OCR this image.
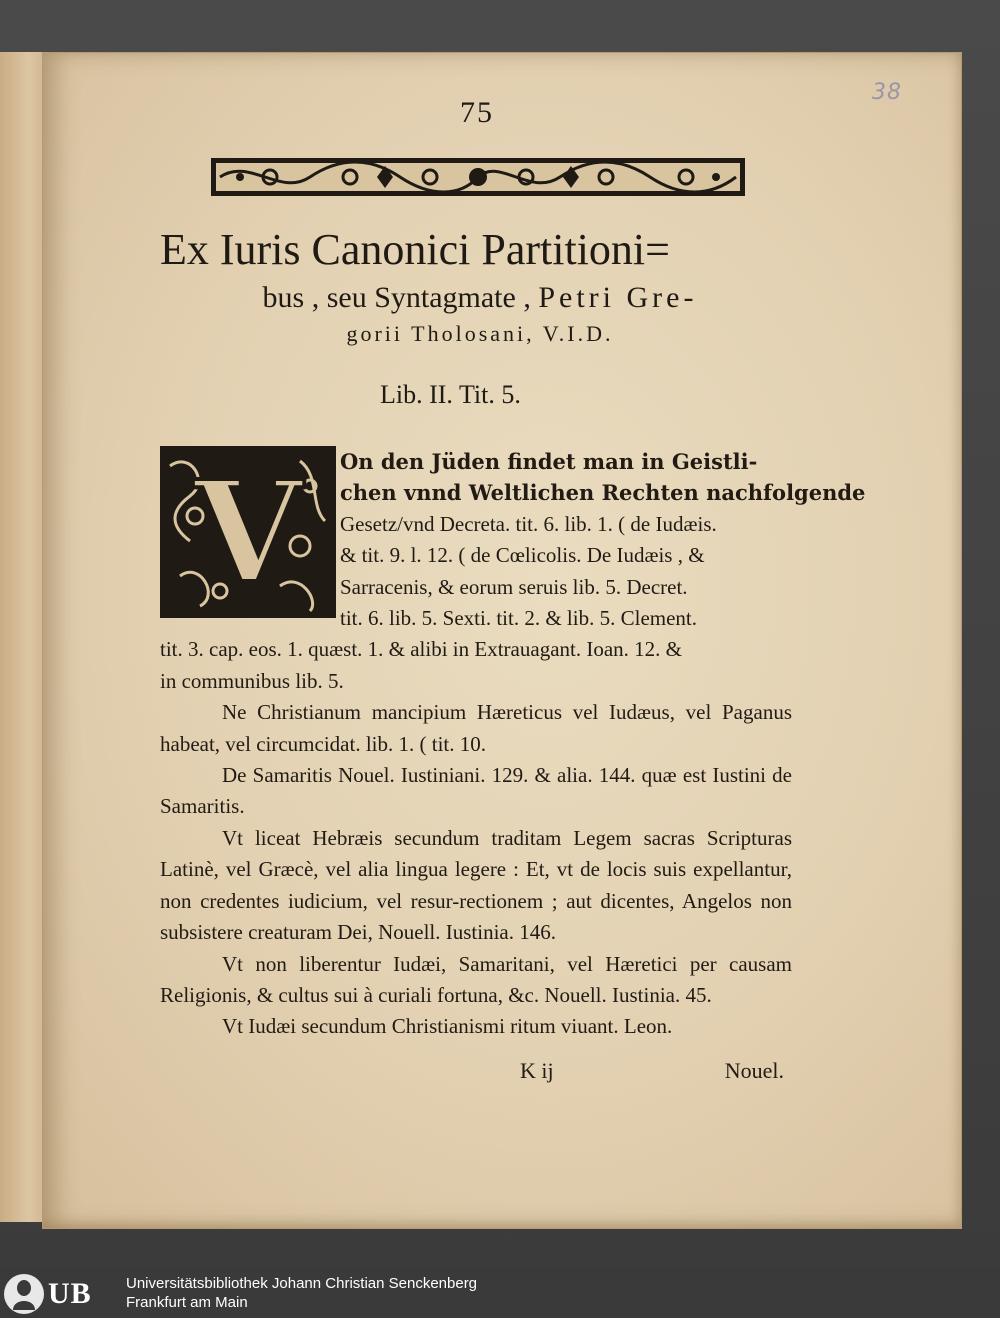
38
75
Ex Iuris Canonici Partitioni=
bus , seu Syntagmate , Petri Gre-
gorii Tholosani, V.I.D.
Lib. II. Tit. 5.
V	On den Jüden findet man in Geistli-
chen vnnd Weltlichen Rechten nachfolgende
Gesetz/vnd Decreta. tit. 6. lib. 1. ( de Iudæis.
& tit. 9. l. 12. ( de Cœlicolis. De Iudæis , &
Sarracenis, & eorum seruis lib. 5. Decret.
tit. 6. lib. 5. Sexti. tit. 2. & lib. 5. Clement.
tit. 3. cap. eos. 1. quæst. 1. & alibi in Extrauagant. Ioan. 12. &
in communibus lib. 5.

Ne Christianum mancipium Hæreticus vel Iudæus, vel Paganus habeat, vel circumcidat. lib. 1. ( tit. 10.

De Samaritis Nouel. Iustiniani. 129. & alia. 144. quæ est Iustini de Samaritis.

Vt liceat Hebræis secundum traditam Legem sacras Scripturas Latinè, vel Græcè, vel alia lingua legere : Et, vt de locis suis expellantur, non credentes iudicium, vel resur-rectionem ; aut dicentes, Angelos non subsistere creaturam Dei, Nouell. Iustinia. 146.

Vt non liberentur Iudæi, Samaritani, vel Hæretici per causam Religionis, & cultus sui à curiali fortuna, &c. Nouell. Iustinia. 45.

Vt Iudæi secundum Christianismi ritum viuant. Leon.

K ij	Nouel.
UB Universitätsbibliothek Johann Christian Senckenberg
Frankfurt am Main
